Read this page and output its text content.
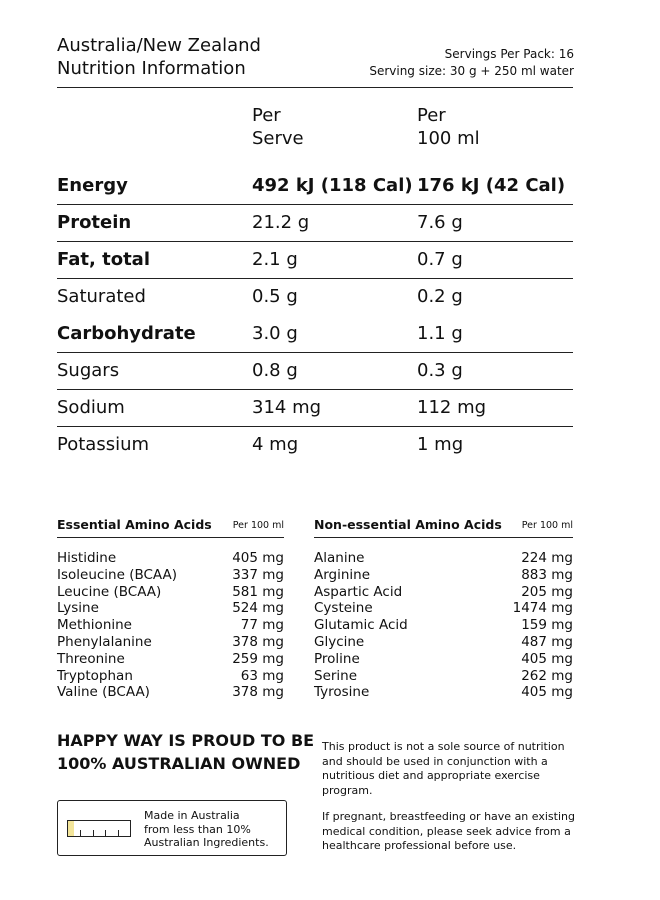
Australia/New Zealand
Nutrition Information
Servings Per Pack: 16
Serving size: 30 g + 250 ml water
Per
Serve
Per
100 ml
Energy	492 kJ (118 Cal) 176 kJ (42 Cal)
Protein	21.2 g	7.6 g
Fat, total	2.1 g	0.7 g
Saturated	0.5 g	0.2 g
Carbohydrate	3.0 g	1.1 g
Sugars	0.8 g	0.3 g
Sodium	314 mg	112 mg
Potassium	4 mg	1 mg
Essential Amino Acids Per 100 ml Non-essential Amino Acids Per 100 ml
Histidine	405 mg
Isoleucine (BCAA)	337 mg
Leucine (BCAA)	581 mg
Lysine	524 mg
Methionine	77 mg
Phenylalanine	378 mg
Threonine	259 mg
Tryptophan	63 mg
Valine (BCAA)	378 mg
Alanine	224 mg
Arginine	883 mg
Aspartic Acid	205 mg
Cysteine	1474 mg
Glutamic Acid	159 mg
Glycine	487 mg
Proline	405 mg
Serine	262 mg
Tyrosine	405 mg
HAPPY WAY IS PROUD TO BE
100% AUSTRALIAN OWNED

This product is not a sole source of nutrition and should be used in conjunction with a nutritious diet and appropriate exercise program.

If pregnant, breastfeeding or have an existing medical condition, please seek advice from a healthcare professional before use.

Made in Australia
from less than 10%
Australian Ingredients.
